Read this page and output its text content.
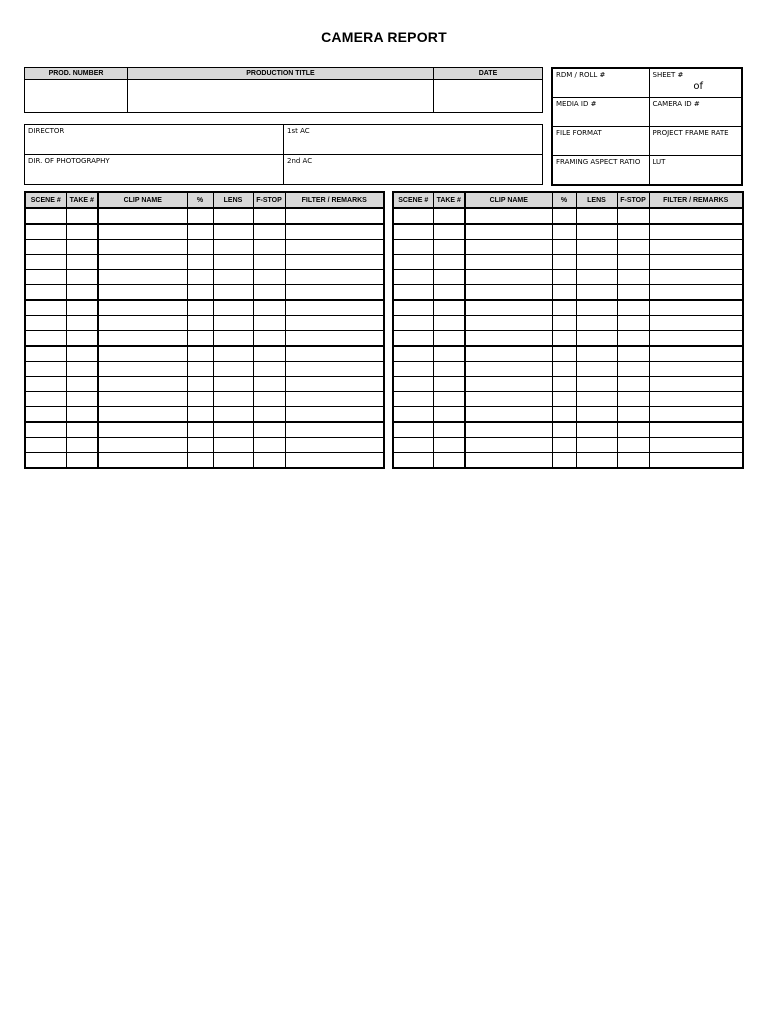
CAMERA REPORT
PROD. NUMBER	PRODUCTION TITLE	DATE

DIRECTOR	1st AC
DIR. OF PHOTOGRAPHY	2nd AC
RDM / ROLL #	SHEET #
of

MEDIA ID #	CAMERA ID #
FILE FORMAT	PROJECT FRAME RATE
FRAMING ASPECT RATIO	LUT
SCENE #	TAKE #	CLIP NAME	%	LENS	F-STOP	FILTER / REMARKS

							SCENE #	TAKE #	CLIP NAME	%	LENS	F-STOP	FILTER / REMARKS
